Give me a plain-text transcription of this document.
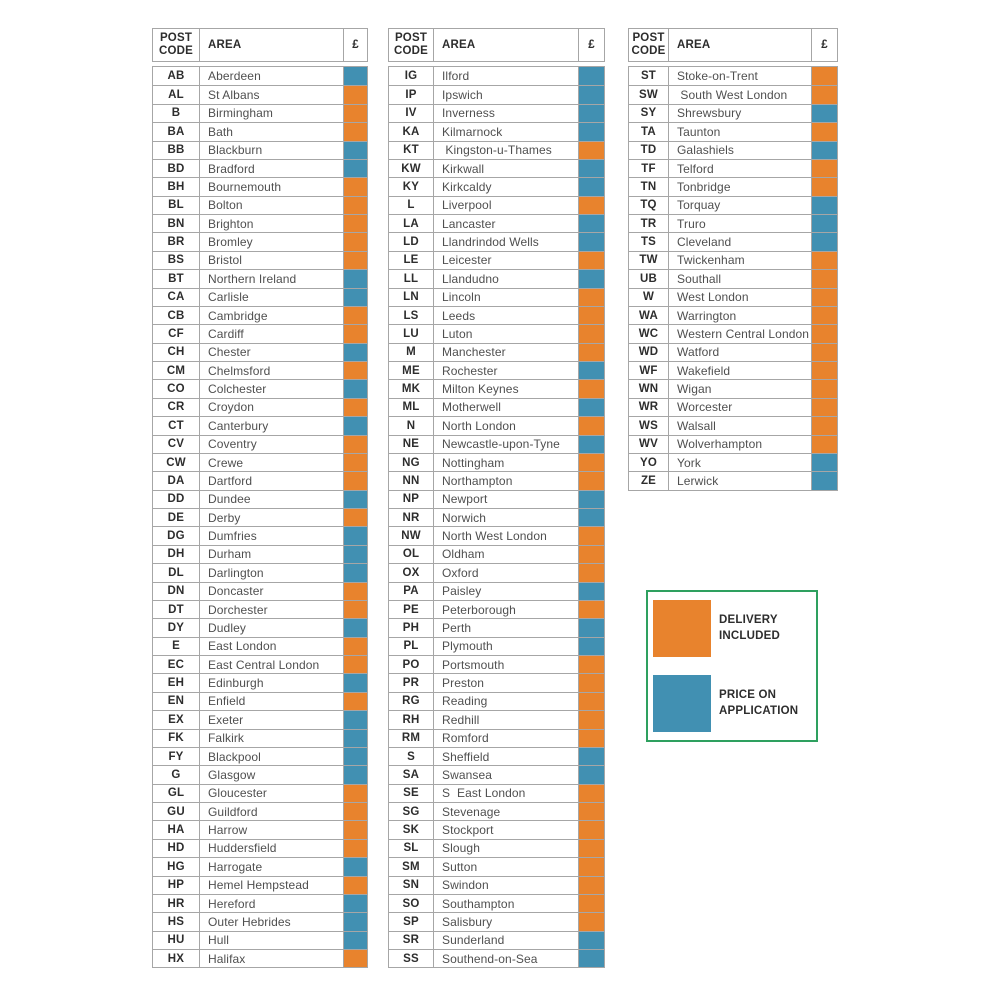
POST CODE	AREA	£
AB	Aberdeen
AL	St Albans
B	Birmingham
BA	Bath
BB	Blackburn
BD	Bradford
BH	Bournemouth
BL	Bolton
BN	Brighton
BR	Bromley
BS	Bristol
BT	Northern Ireland
CA	Carlisle
CB	Cambridge
CF	Cardiff
CH	Chester
CM	Chelmsford
CO	Colchester
CR	Croydon
CT	Canterbury
CV	Coventry
CW	Crewe
DA	Dartford
DD	Dundee
DE	Derby
DG	Dumfries
DH	Durham
DL	Darlington
DN	Doncaster
DT	Dorchester
DY	Dudley
E	East London
EC	East Central London
EH	Edinburgh
EN	Enfield
EX	Exeter
FK	Falkirk
FY	Blackpool
G	Glasgow
GL	Gloucester
GU	Guildford
HA	Harrow
HD	Huddersfield
HG	Harrogate
HP	Hemel Hempstead
HR	Hereford
HS	Outer Hebrides
HU	Hull
HX	Halifax
POST CODE	AREA	£
IG	Ilford
IP	Ipswich
IV	Inverness
KA	Kilmarnock
KT	Kingston-u-Thames
KW	Kirkwall
KY	Kirkcaldy
L	Liverpool
LA	Lancaster
LD	Llandrindod Wells
LE	Leicester
LL	Llandudno
LN	Lincoln
LS	Leeds
LU	Luton
M	Manchester
ME	Rochester
MK	Milton Keynes
ML	Motherwell
N	North London
NE	Newcastle-upon-Tyne
NG	Nottingham
NN	Northampton
NP	Newport
NR	Norwich
NW	North West London
OL	Oldham
OX	Oxford
PA	Paisley
PE	Peterborough
PH	Perth
PL	Plymouth
PO	Portsmouth
PR	Preston
RG	Reading
RH	Redhill
RM	Romford
S	Sheffield
SA	Swansea
SE	S  East London
SG	Stevenage
SK	Stockport
SL	Slough
SM	Sutton
SN	Swindon
SO	Southampton
SP	Salisbury
SR	Sunderland
SS	Southend-on-Sea
POST CODE AREA	£
ST	Stoke-on-Trent
SW	South West London
SY	Shrewsbury
TA	Taunton
TD	Galashiels
TF	Telford
TN	Tonbridge
TQ	Torquay
TR	Truro
TS	Cleveland
TW	Twickenham
UB	Southall
W	West London
WA	Warrington
WC	Western Central London
WD	Watford
WF	Wakefield
WN	Wigan
WR	Worcester
WS	Walsall
WV	Wolverhampton
YO	York
ZE	Lerwick
DELIVERY INCLUDED
PRICE ON APPLICATION
